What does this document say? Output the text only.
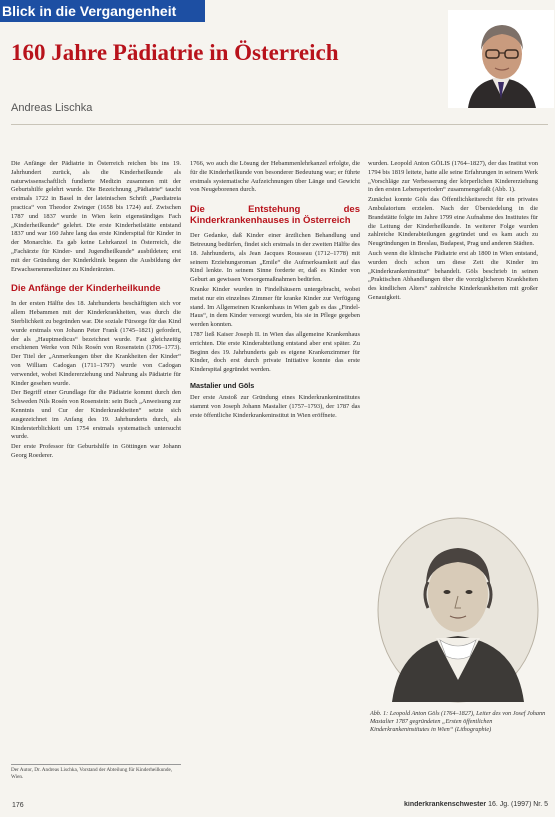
Blick in die Vergangenheit
160 Jahre Pädiatrie in Österreich
Andreas Lischka

Die Anfänge der Pädiatrie in Österreich reichen bis ins 19. Jahrhundert zurück, als die Kinderheilkunde als naturwissenschaftlich fundierte Medizin zusammen mit der Geburtshilfe gelehrt wurde. Die Bezeichnung „Pädiatrie“ taucht erstmals 1722 in Basel in der lateinischen Schrift „Paediatreia practica“ von Theodor Zwinger (1658 bis 1724) auf. Zwischen 1787 und 1837 wurde in Wien kein eigenständiges Fach „Kinderheilkunde“ gelehrt. Die erste Kinderheilstätte entstand 1837 und war 160 Jahre lang das erste Kinderspital für Kinder in der Monarchie. Es gab keine Lehrkanzel in Österreich, die „Fachärzte für Kinder- und Jugendheilkunde“ ausbildeten; erst mit der Gründung der Kinderklinik begann die Ausbildung der Erwachsenenmediziner zu Kinderärzten.

Die Anfänge der Kinderheilkunde

In der ersten Hälfte des 18. Jahrhunderts beschäftigten sich vor allem Hebammen mit der Kinderkrankheiten, was durch die Sterblichkeit zu begründen war. Die soziale Fürsorge für das Kind wurde erstmals von Johann Peter Frank (1745–1821) gefordert, der als „Hauptmedicus“ bezeichnet wurde. Fast gleichzeitig erschienen Werke von Nils Rosén von Rosenstein (1706–1773). Der Titel der „Anmerkungen über die Krankheiten der Kinder“ von William Cadogan (1711–1797) wurde von Cadogan verwendet, wobei Kindererziehung und Nahrung als Pädiatrie für Kinder gesehen wurde.

Der Begriff einer Grundlage für die Pädiatrie kommt durch den Schweden Nils Rosén von Rosenstein: sein Buch „Anweisung zur Kenntnis und Cur der Kinderkrankheiten“ setzte sich ausgezeichnet im Anfang des 19. Jahrhunderts durch, als Kindersterblichkeit um 1754 erstmals systematisch untersucht wurde.

Der erste Professor für Geburtshilfe in Göttingen war Johann Georg Roederer.

1766, wo auch die Lösung der Hebammenlehrkanzel erfolgte, die für die Kinderheilkunde von besonderer Bedeutung war; er führte erstmals systematische Aufzeichnungen über Länge und Gewicht von Neugeborenen durch.

Die Entstehung des Kinderkrankenhauses in Österreich

Der Gedanke, daß Kinder einer ärztlichen Behandlung und Betreuung bedürfen, findet sich erstmals in der zweiten Hälfte des 18. Jahrhunderts, als Jean Jacques Rousseau (1712–1778) mit seinem Erziehungsroman „Emile“ die Aufmerksamkeit auf das Kind lenkte. In seinem Sinne forderte er, daß es Kinder von Geburt an gewissen Vorsorgemaßnahmen bedürfen.

Kranke Kinder wurden in Findelhäusern untergebracht, wobei meist nur ein einzelnes Zimmer für kranke Kinder zur Verfügung stand. Im Allgemeinen Krankenhaus in Wien gab es das „Findel-Haus“, in dem Kinder versorgt wurden, bis sie in Pflege gegeben werden konnten.

1787 ließ Kaiser Joseph II. in Wien das allgemeine Krankenhaus errichten. Die erste Kinderabteilung entstand aber erst später. Zu Beginn des 19. Jahrhunderts gab es eigene Krankenzimmer für Kinder, doch erst durch private Initiative konnte das erste Kinderspital gegründet werden.

Mastalier und Göls

Der erste Anstoß zur Gründung eines Kinderkrankeninstitutes stammt von Joseph Johann Mastalier (1757–1793), der 1787 das erste öffentliche Kinderkrankeninstitut in Wien eröffnete.

wurden. Leopold Anton GÖLIS (1764–1827), der das Institut von 1794 bis 1819 leitete, hatte alle seine Erfahrungen in seinem Werk „Vorschläge zur Verbesserung der körperlichen Kindererziehung in den ersten Lebensperioden“ zusammengefaßt (Abb. 1).

Zunächst konnte Göls das Öffentlichkeitsrecht für ein privates Ambulatorium erzielen. Nach der Übersiedelung in die Brandstätte folgte im Jahre 1799 eine Aufnahme des Institutes für die Leitung der Kinderheilkunde. In weiterer Folge wurden zahlreiche Kinderabteilungen gegründet und es kam auch zu Neugründungen in Breslau, Budapest, Prag und anderen Städten.

Auch wenn die klinische Pädiatrie erst ab 1800 in Wien entstand, wurden doch schon um diese Zeit die Kinder im „Kinderkrankeninstitut“ behandelt. Göls beschrieb in seinen „Praktischen Abhandlungen über die vorzüglicheren Krankheiten des kindlichen Alters“ zahlreiche Kinderkrankheiten mit großer Genauigkeit.

Der Autor, Dr. Andreas Lischka, Vorstand der Abteilung für Kinderheilkunde, Wien.
Abb. 1: Leopold Anton Göls (1764–1827), Leiter des von Josef Johann Mastalier 1787 gegründeten „Ersten öffentlichen Kinderkrankeninstitutes in Wien“ (Lithographie)
176	kinderkrankenschwester 16. Jg. (1997) Nr. 5
